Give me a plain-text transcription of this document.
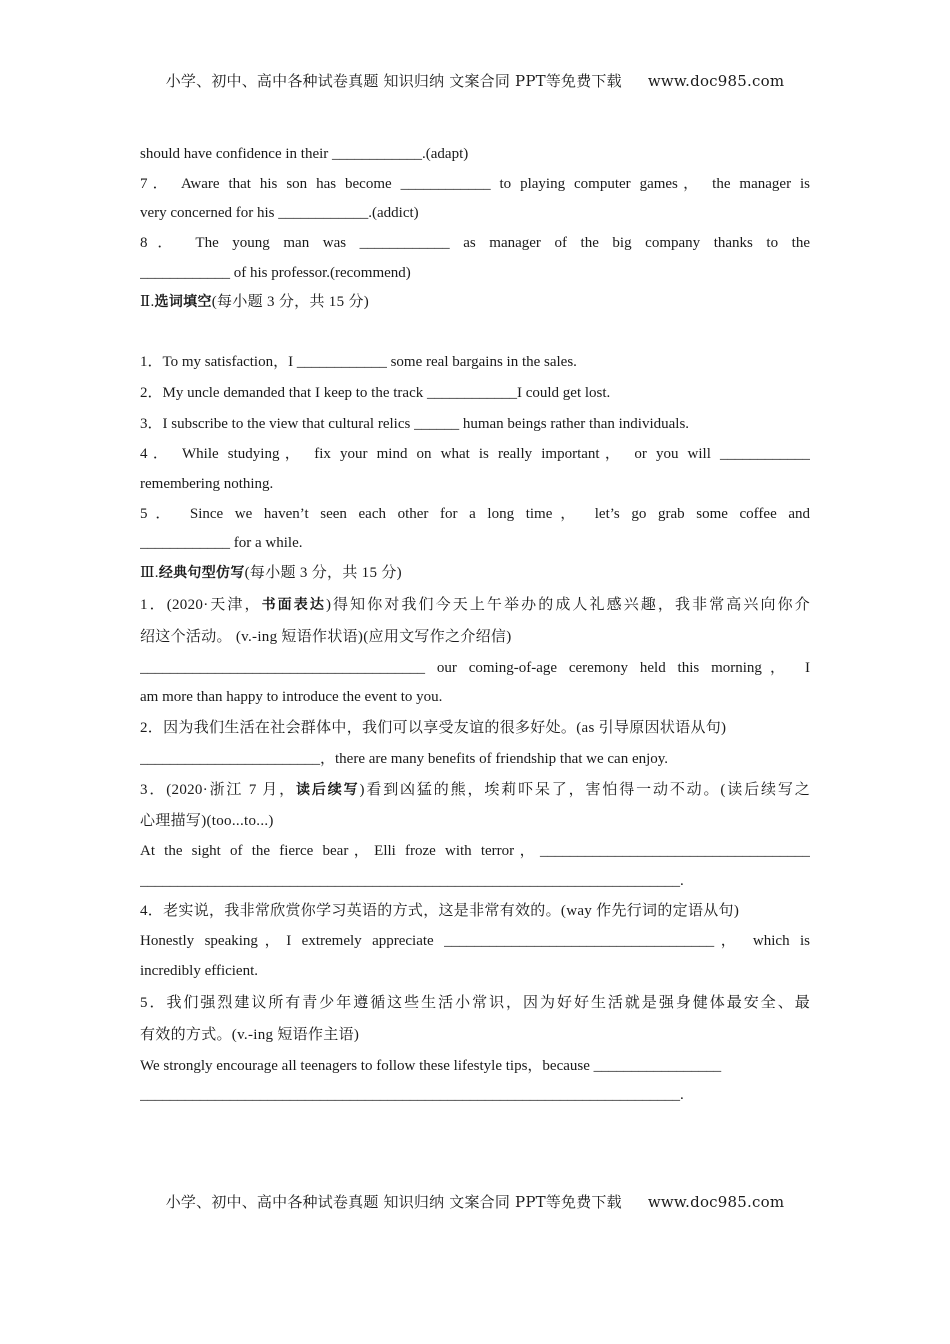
小学、初中、高中各种试卷真题 知识归纳 文案合同 PPT等免费下载 www.doc985.com
should have confidence in their ____________.(adapt)
7． Aware that his son has become ____________ to playing computer games， the manager is
very concerned for his ____________.(addict)
8． The young man was ____________ as manager of the big company thanks to the
____________ of his professor.(recommend)
Ⅱ.选词填空(每小题 3 分，共 15 分)
1．To my satisfaction，I ____________ some real bargains in the sales.
2．My uncle demanded that I keep to the track ____________I could get lost.
3．I subscribe to the view that cultural relics ______ human beings rather than individuals.
4． While studying， fix your mind on what is really important， or you will ____________
remembering nothing.
5． Since we haven’t seen each other for a long time， let’s go grab some coffee and
____________ for a while.
Ⅲ.经典句型仿写(每小题 3 分，共 15 分)
1．(2020·天津，书面表达)得知你对我们今天上午举办的成人礼感兴趣，我非常高兴向你介
绍这个活动。 (v.-ing 短语作状语)(应用文写作之介绍信)
______________________________________ our coming-of-age ceremony held this morning， I
am more than happy to introduce the event to you.
2．因为我们生活在社会群体中，我们可以享受友谊的很多好处。(as 引导原因状语从句)
________________________，there are many benefits of friendship that we can enjoy.
3．(2020·浙江 7 月，读后续写)看到凶猛的熊，埃莉吓呆了，害怕得一动不动。(读后续写之
心理描写)(too...to...)
At the sight of the fierce bear，Elli froze with terror，____________________________________
________________________________________________________________________.
4．老实说，我非常欣赏你学习英语的方式，这是非常有效的。(way 作先行词的定语从句)
Honestly speaking，I extremely appreciate ____________________________________， which is
incredibly efficient.
5．我们强烈建议所有青少年遵循这些生活小常识，因为好好生活就是强身健体最安全、最
有效的方式。(v.-ing 短语作主语)
We strongly encourage all teenagers to follow these lifestyle tips，because _________________
________________________________________________________________________.
小学、初中、高中各种试卷真题 知识归纳 文案合同 PPT等免费下载 www.doc985.com
